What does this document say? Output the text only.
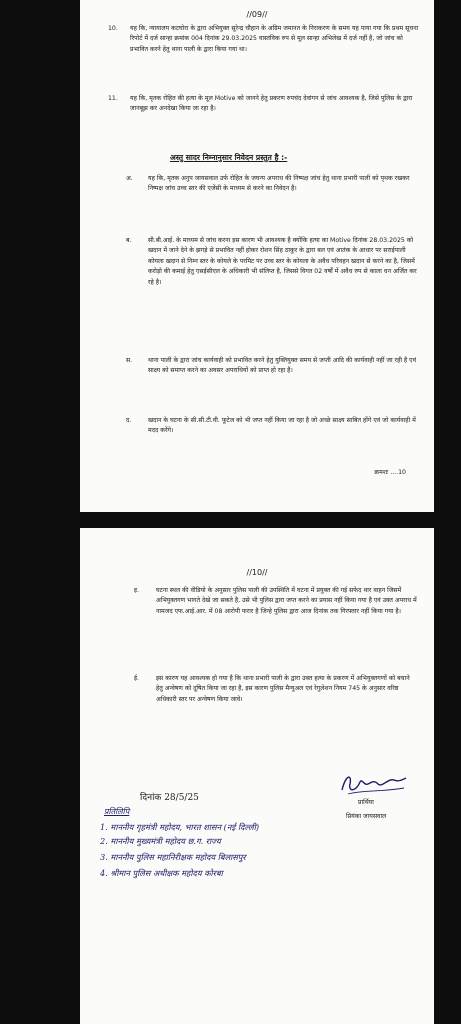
//09//
10. यह कि, न्यायालय कटघोरा के द्वारा अभियुक्त सुरेन्द्र चौहान के अग्रिम जमानत के निराकरण के समय यह पाया गया कि प्रथम सूचना रिपोर्ट में दर्ज सान्हा क्रमांक 004 दिनांक 29.03.2025 वास्तविक रुप से मूल सान्हा अभिलेख में दर्ज नहीं है, जो जांच को प्रभावित करने हेतु थाना पाली के द्वारा किया गया था।
11. यह कि, मृतक रोहित की हत्या के मूल Motive को जानने हेतु प्रकरण रुपचंद देवांगन से जांच आवश्यक है, जिसे पुलिस के द्वारा जानबूझ कर अनदेखा किया जा रहा है।
अस्तु सादर निम्नानुसार निवेदन प्रस्तुत है :-
अ. यह कि, मृतक अनुप जायसवाल उर्फ रोहित के जघन्य अपराध की निष्पक्ष जांच हेतु थाना प्रभारी पाली को पृथक रखकर निष्पक्ष जांच उच्च स्तर की एजेंसी के माध्यम से करने का निवेदन है।
ब.	सी.बी.आई. के माध्यम से जांच करना इस कारण भी आवश्यक है क्योंकि हत्या का Motive दिनांक 28.03.2025 को खदान में जाने देने के झगड़े से प्रभावित नहीं होकर रोशन सिंह ठाकुर के द्वारा बल एवं आतंक के आधार पर सराईपाली कोयला खदान से निम्न स्तर के कोयले के परमिट पर उच्च स्तर के कोयला के अवैध परिवहन खदान से करने का है, जिसमें करोड़ो की कमाई हेतु एसईसीएल के अधिकारी भी संलिप्त है, जिससे विगत 02 वर्षों में अवैध रुप से काला धन अर्जित कर रहे है।
स.	थाना पाली के द्वारा जांच कार्यवाही को प्रभावित करने हेतु युक्तियुक्त समय से जप्ती आदि की कार्यवाही नहीं जा रही है एवं साक्ष्य को समाप्त करने का अवसर अपराधियों को प्राप्त हो रहा है।
द.	खदान के घटना के सी.सी.टी.वी. फूटेज को भी जप्त नहीं किया जा रहा है जो अच्छे साक्ष्य साबित होंगे एवं जो कार्यवाही में मदद करेंगे।
क्रमशः ....10
//10//
इ.	घटना स्थल की वीडियो के अनुसार पुलिस पाली की उपस्थिति में घटना में प्रयुक्त की गई सफेद थार वाहन जिसमें अभियुक्तगण भागते देखे जा सकते है, उसे भी पुलिस द्वारा जप्त करने का प्रयास नहीं किया गया है एवं उक्त अपराध में नामजद एफ.आई.आर. में 08 आरोपी फरार है जिन्हे पुलिस द्वारा आज दिनांक तक गिरफ्तार नहीं किया गया है।
ई.	इस कारण यह आवश्यक हो गया है कि थाना प्रभारी पाली के द्वारा उक्त हत्या के प्रकरण में अभियुक्तगणों को बचाने हेतु अन्वेषण को दूषित किया जा रहा है, इस कारण पुलिस मैन्युअल एवं रेगुलेशन नियम 745 के अनुसार वरिष्ठ अधिकारी स्तर पर अन्वेषण किया जावे।
दिनांक 28/5/25	प्रार्थिया
प्रियंका जायसवाल
प्रतिलिपि
1. माननीय गृहमंत्री महोदय, भारत शासन (नई दिल्ली)
2. माननीय मुख्यमंत्री महोदय छ.ग. राज्य
3. माननीय पुलिस महानिरीक्षक महोदय बिलासपुर
4. श्रीमान पुलिस अधीक्षक महोदय कोरबा
